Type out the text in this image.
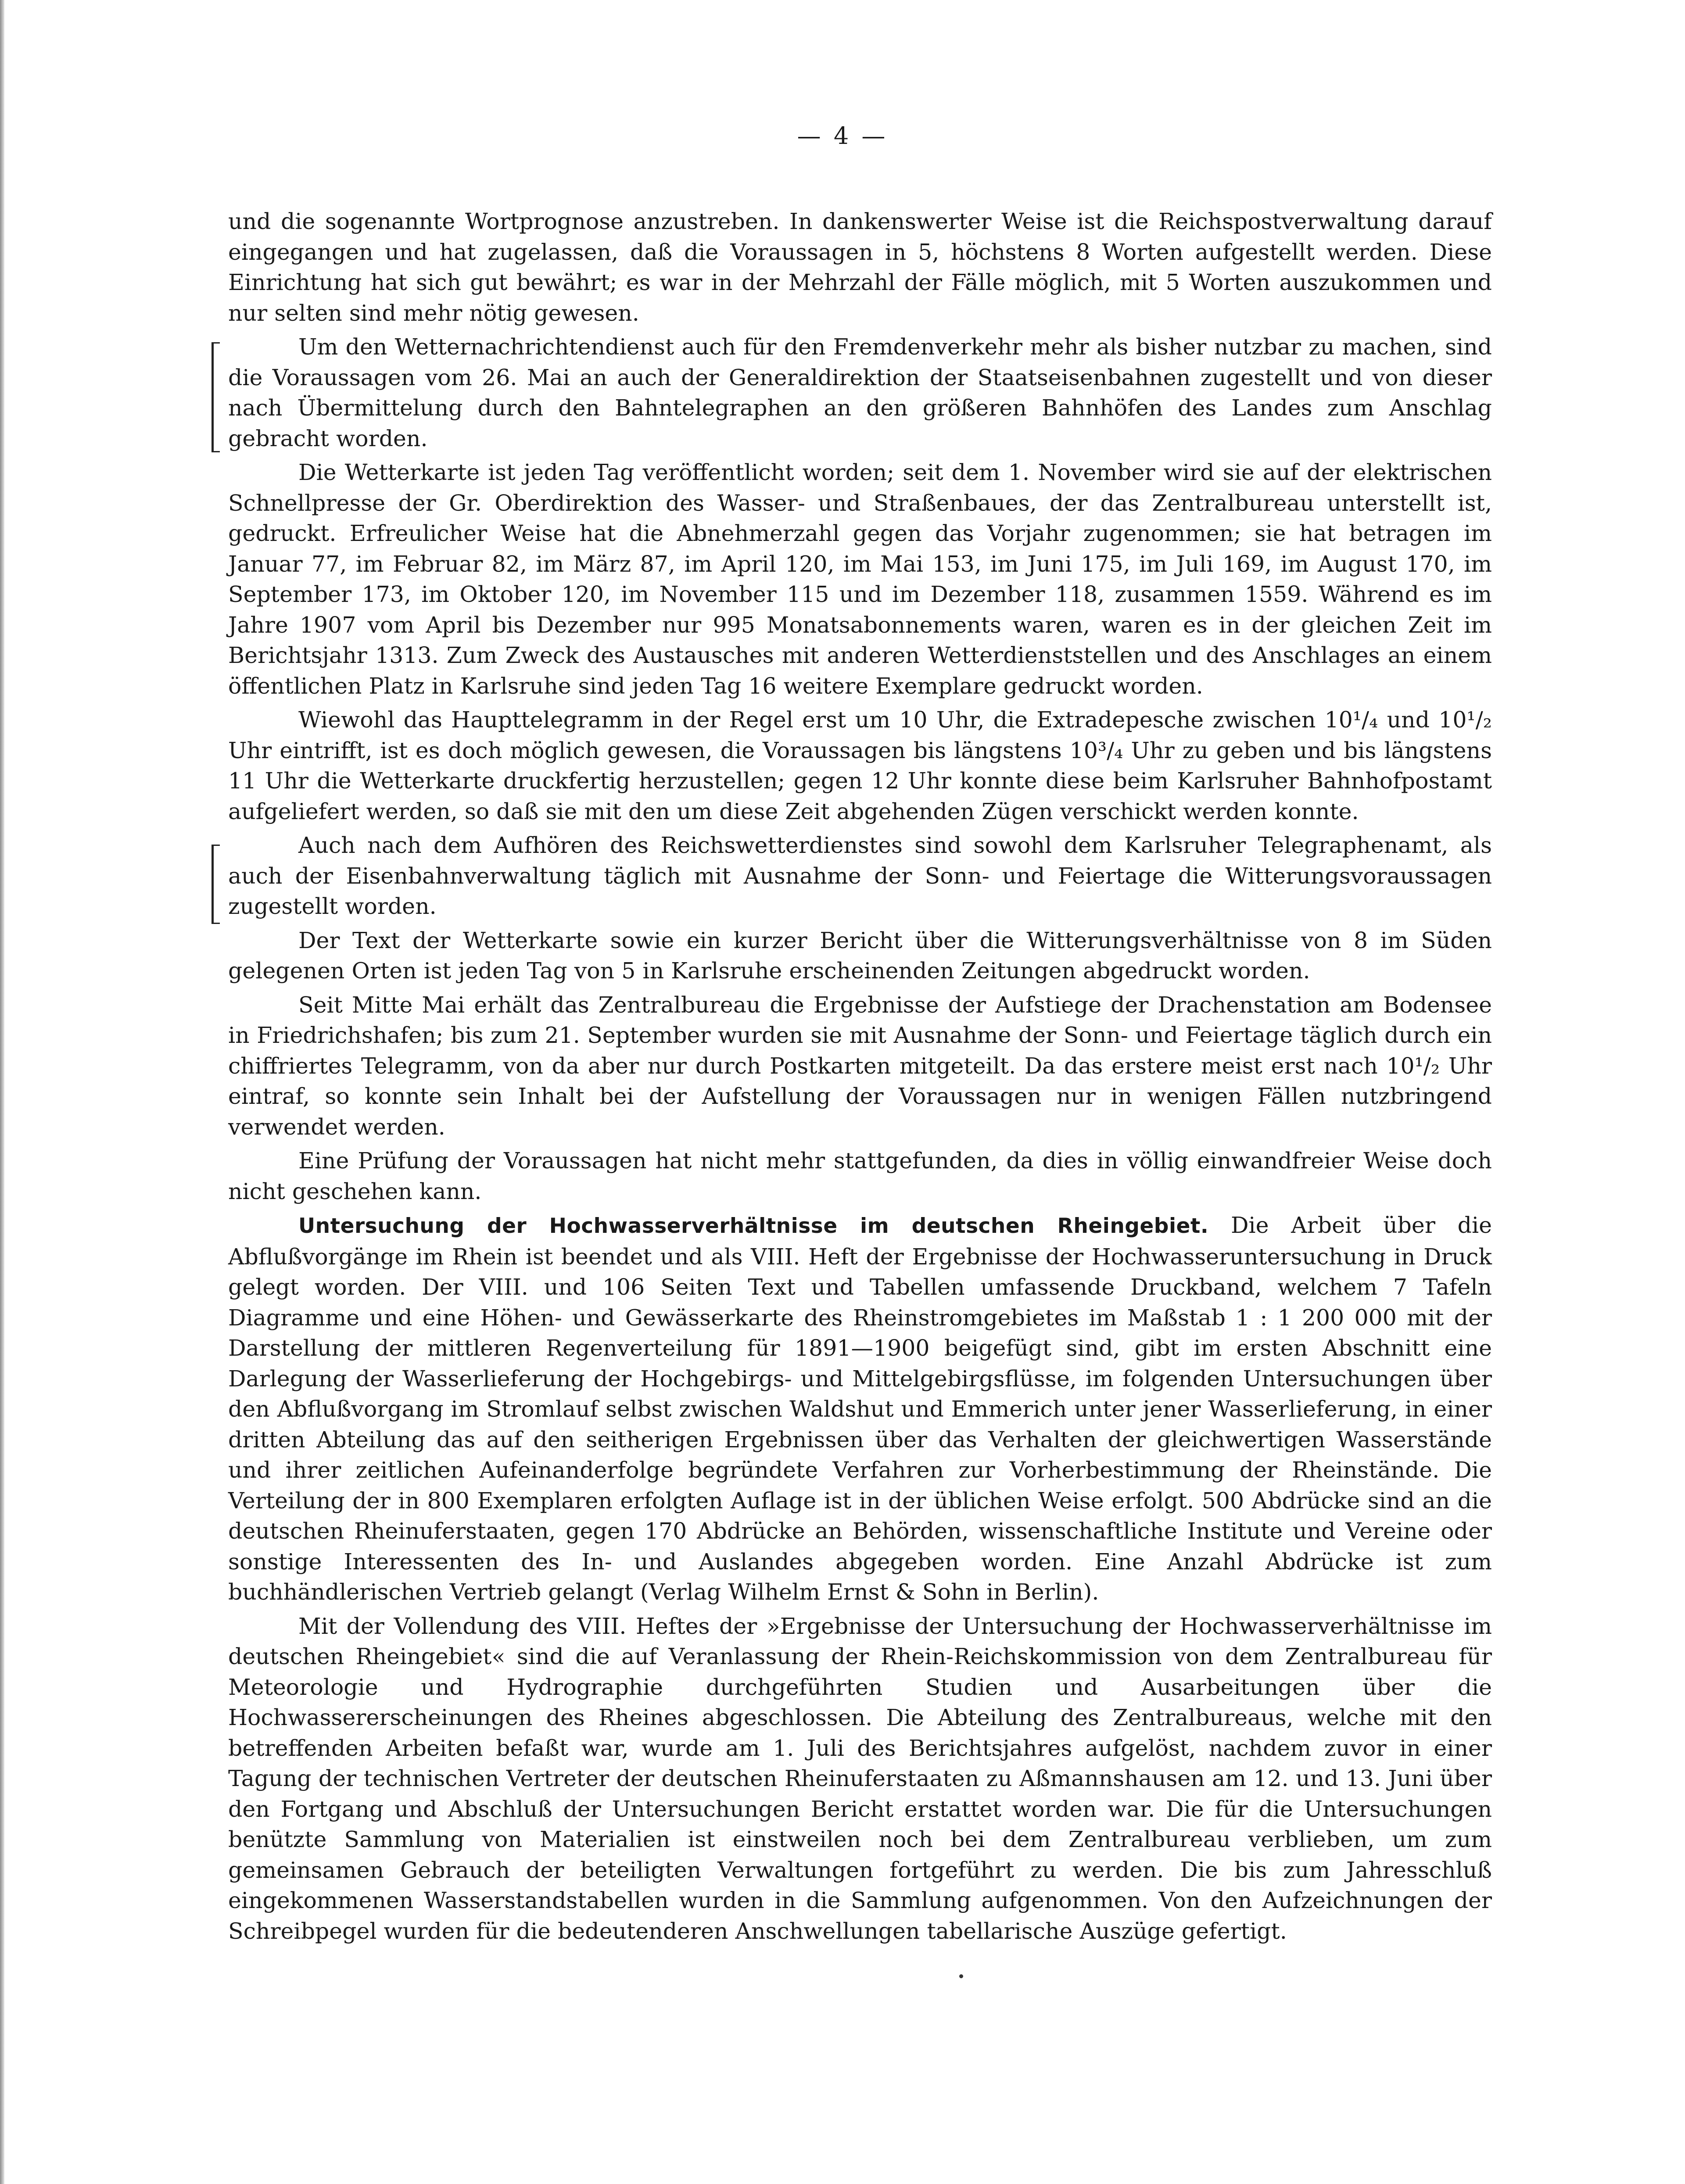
— 4 —

und die sogenannte Wortprognose anzustreben. In dankenswerter Weise ist die Reichspostverwaltung darauf eingegangen und hat zugelassen, daß die Voraussagen in 5, höchstens 8 Worten aufgestellt werden. Diese Einrichtung hat sich gut bewährt; es war in der Mehrzahl der Fälle möglich, mit 5 Worten auszukommen und nur selten sind mehr nötig gewesen.

Um den Wetternachrichtendienst auch für den Fremdenverkehr mehr als bisher nutzbar zu machen, sind die Voraussagen vom 26. Mai an auch der Generaldirektion der Staatseisenbahnen zugestellt und von dieser nach Übermittelung durch den Bahntelegraphen an den größeren Bahnhöfen des Landes zum Anschlag gebracht worden.

Die Wetterkarte ist jeden Tag veröffentlicht worden; seit dem 1. November wird sie auf der elektrischen Schnellpresse der Gr. Oberdirektion des Wasser- und Straßenbaues, der das Zentralbureau unterstellt ist, gedruckt. Erfreulicher Weise hat die Abnehmerzahl gegen das Vorjahr zugenommen; sie hat betragen im Januar 77, im Februar 82, im März 87, im April 120, im Mai 153, im Juni 175, im Juli 169, im August 170, im September 173, im Oktober 120, im November 115 und im Dezember 118, zusammen 1559. Während es im Jahre 1907 vom April bis Dezember nur 995 Monatsabonnements waren, waren es in der gleichen Zeit im Berichtsjahr 1313. Zum Zweck des Austausches mit anderen Wetterdienststellen und des Anschlages an einem öffentlichen Platz in Karlsruhe sind jeden Tag 16 weitere Exemplare gedruckt worden.

Wiewohl das Haupttelegramm in der Regel erst um 10 Uhr, die Extradepesche zwischen 10¹/₄ und 10¹/₂ Uhr eintrifft, ist es doch möglich gewesen, die Voraussagen bis längstens 10³/₄ Uhr zu geben und bis längstens 11 Uhr die Wetterkarte druckfertig herzustellen; gegen 12 Uhr konnte diese beim Karlsruher Bahnhofpostamt aufgeliefert werden, so daß sie mit den um diese Zeit abgehenden Zügen verschickt werden konnte.

Auch nach dem Aufhören des Reichswetterdienstes sind sowohl dem Karlsruher Telegraphenamt, als auch der Eisenbahnverwaltung täglich mit Ausnahme der Sonn- und Feiertage die Witterungsvoraussagen zugestellt worden.

Der Text der Wetterkarte sowie ein kurzer Bericht über die Witterungsverhältnisse von 8 im Süden gelegenen Orten ist jeden Tag von 5 in Karlsruhe erscheinenden Zeitungen abgedruckt worden.

Seit Mitte Mai erhält das Zentralbureau die Ergebnisse der Aufstiege der Drachenstation am Bodensee in Friedrichshafen; bis zum 21. September wurden sie mit Ausnahme der Sonn- und Feiertage täglich durch ein chiffriertes Telegramm, von da aber nur durch Postkarten mitgeteilt. Da das erstere meist erst nach 10¹/₂ Uhr eintraf, so konnte sein Inhalt bei der Aufstellung der Voraussagen nur in wenigen Fällen nutzbringend verwendet werden.

Eine Prüfung der Voraussagen hat nicht mehr stattgefunden, da dies in völlig einwandfreier Weise doch nicht geschehen kann.

Untersuchung der Hochwasserverhältnisse im deutschen Rheingebiet. Die Arbeit über die Abflußvorgänge im Rhein ist beendet und als VIII. Heft der Ergebnisse der Hochwasseruntersuchung in Druck gelegt worden. Der VIII. und 106 Seiten Text und Tabellen umfassende Druckband, welchem 7 Tafeln Diagramme und eine Höhen- und Gewässerkarte des Rheinstromgebietes im Maßstab 1 : 1 200 000 mit der Darstellung der mittleren Regenverteilung für 1891—1900 beigefügt sind, gibt im ersten Abschnitt eine Darlegung der Wasserlieferung der Hochgebirgs- und Mittelgebirgsflüsse, im folgenden Untersuchungen über den Abflußvorgang im Stromlauf selbst zwischen Waldshut und Emmerich unter jener Wasserlieferung, in einer dritten Abteilung das auf den seitherigen Ergebnissen über das Verhalten der gleichwertigen Wasserstände und ihrer zeitlichen Aufeinanderfolge begründete Verfahren zur Vorherbestimmung der Rheinstände. Die Verteilung der in 800 Exemplaren erfolgten Auflage ist in der üblichen Weise erfolgt. 500 Abdrücke sind an die deutschen Rheinuferstaaten, gegen 170 Abdrücke an Behörden, wissenschaftliche Institute und Vereine oder sonstige Interessenten des In- und Auslandes abgegeben worden. Eine Anzahl Abdrücke ist zum buchhändlerischen Vertrieb gelangt (Verlag Wilhelm Ernst & Sohn in Berlin).

Mit der Vollendung des VIII. Heftes der »Ergebnisse der Untersuchung der Hochwasserverhältnisse im deutschen Rheingebiet« sind die auf Veranlassung der Rhein-Reichskommission von dem Zentralbureau für Meteorologie und Hydrographie durchgeführten Studien und Ausarbeitungen über die Hochwassererscheinungen des Rheines abgeschlossen. Die Abteilung des Zentralbureaus, welche mit den betreffenden Arbeiten befaßt war, wurde am 1. Juli des Berichtsjahres aufgelöst, nachdem zuvor in einer Tagung der technischen Vertreter der deutschen Rheinuferstaaten zu Aßmannshausen am 12. und 13. Juni über den Fortgang und Abschluß der Untersuchungen Bericht erstattet worden war. Die für die Untersuchungen benützte Sammlung von Materialien ist einstweilen noch bei dem Zentralbureau verblieben, um zum gemeinsamen Gebrauch der beteiligten Verwaltungen fortgeführt zu werden. Die bis zum Jahresschluß eingekommenen Wasserstandstabellen wurden in die Sammlung aufgenommen. Von den Aufzeichnungen der Schreibpegel wurden für die bedeutenderen Anschwellungen tabellarische Auszüge gefertigt.
